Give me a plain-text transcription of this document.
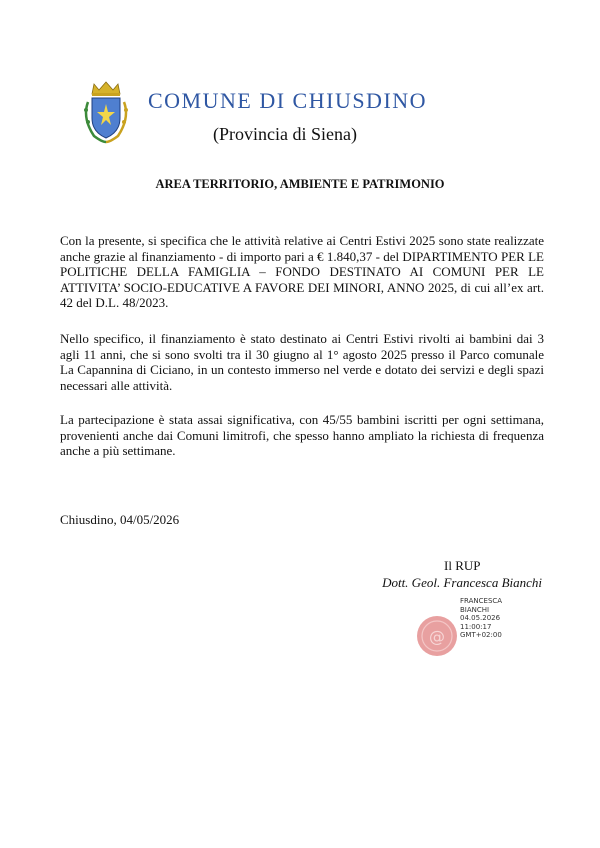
COMUNE DI CHIUSDINO
(Provincia di Siena)
AREA TERRITORIO, AMBIENTE E PATRIMONIO
Con la presente, si specifica che le attività relative ai Centri Estivi 2025 sono state realizzate anche grazie al finanziamento - di importo pari a € 1.840,37 - del DIPARTIMENTO PER LE POLITICHE DELLA FAMIGLIA – FONDO DESTINATO AI COMUNI PER LE ATTIVITA’ SOCIO-EDUCATIVE A FAVORE DEI MINORI, ANNO 2025, di cui all’ex art. 42 del D.L. 48/2023.
Nello specifico, il finanziamento è stato destinato ai Centri Estivi rivolti ai bambini dai 3 agli 11 anni, che si sono svolti tra il 30 giugno al 1° agosto 2025 presso il Parco comunale La Capannina di Ciciano, in un contesto immerso nel verde e dotato dei servizi e degli spazi necessari alle attività.
La partecipazione è stata assai significativa, con 45/55 bambini iscritti per ogni settimana, provenienti anche dai Comuni limitrofi, che spesso hanno ampliato la richiesta di frequenza anche a più settimane.
Chiusdino, 04/05/2026
Il RUP
Dott. Geol. Francesca Bianchi
@
FRANCESCA
BIANCHI
04.05.2026
11:00:17
GMT+02:00
